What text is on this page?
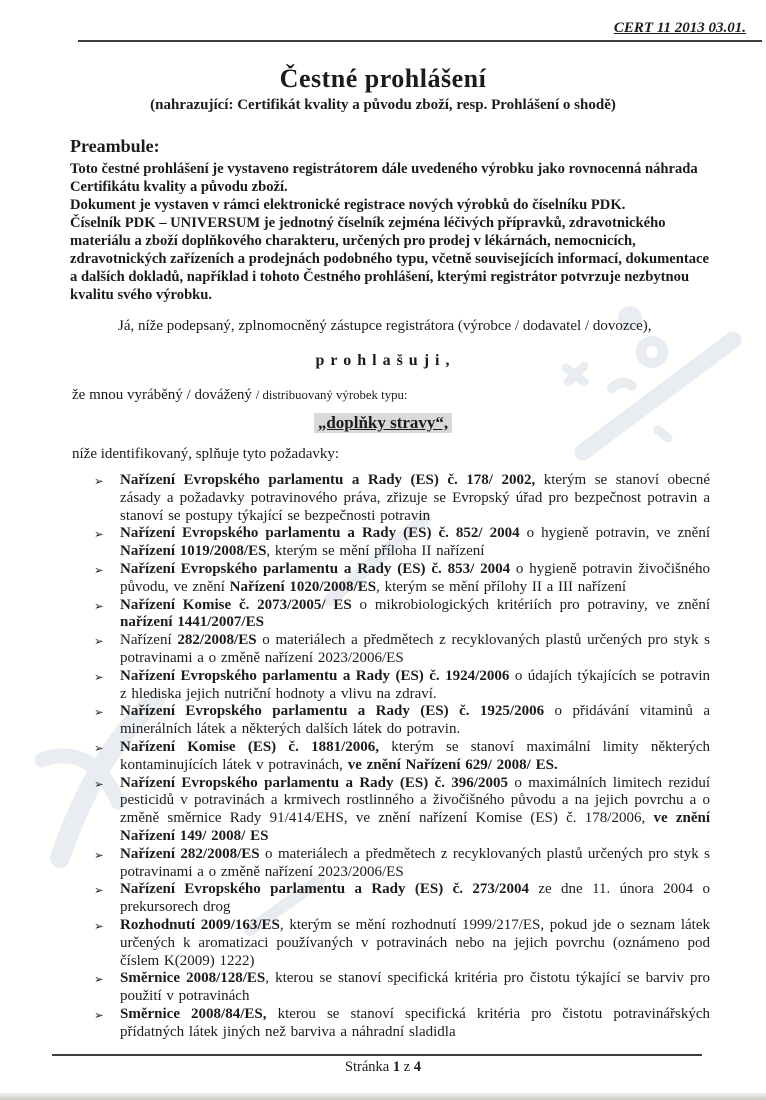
CERT 11 2013 03.01.
Čestné prohlášení
(nahrazující: Certifikát kvality a původu zboží, resp. Prohlášení o shodě)
Preambule:

Toto čestné prohlášení je vystaveno registrátorem dále uvedeného výrobku jako rovnocenná náhrada Certifikátu kvality a původu zboží.

Dokument je vystaven v rámci elektronické registrace nových výrobků do číselníku PDK.

Číselník PDK – UNIVERSUM je jednotný číselník zejména léčivých přípravků, zdravotnického materiálu a zboží doplňkového charakteru, určených pro prodej v lékárnách, nemocnicích, zdravotnických zařízeních a prodejnách podobného typu, včetně souvisejících informací, dokumentace a dalších dokladů, například i tohoto Čestného prohlášení, kterými registrátor potvrzuje nezbytnou kvalitu svého výrobku.

Já, níže podepsaný, zplnomocněný zástupce registrátora (výrobce / dodavatel / dovozce),

p r o h l a š u j i ,

že mnou vyráběný / dovážený / distribuovaný výrobek typu:

„doplňky stravy“,

níže identifikovaný, splňuje tyto požadavky:

➢ Nařízení Evropského parlamentu a Rady (ES) č. 178/ 2002, kterým se stanoví obecné zásady a požadavky potravinového práva, zřizuje se Evropský úřad pro bezpečnost potravin a stanoví se postupy týkající se bezpečnosti potravin
➢ Nařízení Evropského parlamentu a Rady (ES) č. 852/ 2004 o hygieně potravin, ve znění Nařízení 1019/2008/ES, kterým se mění příloha II nařízení
➢ Nařízení Evropského parlamentu a Rady (ES) č. 853/ 2004 o hygieně potravin živočišného původu, ve znění Nařízení 1020/2008/ES, kterým se mění přílohy II a III nařízení
➢ Nařízení Komise č. 2073/2005/ ES o mikrobiologických kritériích pro potraviny, ve znění nařízení 1441/2007/ES
➢ Nařízení 282/2008/ES o materiálech a předmětech z recyklovaných plastů určených pro styk s potravinami a o změně nařízení 2023/2006/ES
➢ Nařízení Evropského parlamentu a Rady (ES) č. 1924/2006 o údajích týkajících se potravin z hlediska jejich nutriční hodnoty a vlivu na zdraví.
➢ Nařízení Evropského parlamentu a Rady (ES) č. 1925/2006 o přidávání vitaminů a minerálních látek a některých dalších látek do potravin.
➢ Nařízení Komise (ES) č. 1881/2006, kterým se stanoví maximální limity některých kontaminujících látek v potravinách, ve znění Nařízení 629/ 2008/ ES.
➢ Nařízení Evropského parlamentu a Rady (ES) č. 396/2005 o maximálních limitech reziduí pesticidů v potravinách a krmivech rostlinného a živočišného původu a na jejich povrchu a o změně směrnice Rady 91/414/EHS, ve znění nařízení Komise (ES) č. 178/2006, ve znění Nařízení 149/ 2008/ ES
➢ Nařízení 282/2008/ES o materiálech a předmětech z recyklovaných plastů určených pro styk s potravinami a o změně nařízení 2023/2006/ES
➢ Nařízení Evropského parlamentu a Rady (ES) č. 273/2004 ze dne 11. února 2004 o prekursorech drog
➢ Rozhodnutí 2009/163/ES, kterým se mění rozhodnutí 1999/217/ES, pokud jde o seznam látek určených k aromatizaci používaných v potravinách nebo na jejich povrchu (oznámeno pod číslem K(2009) 1222)
➢ Směrnice 2008/128/ES, kterou se stanoví specifická kritéria pro čistotu týkající se barviv pro použití v potravinách
➢ Směrnice 2008/84/ES, kterou se stanoví specifická kritéria pro čistotu potravinářských přídatných látek jiných než barviva a náhradní sladidla
Stránka 1 z 4
